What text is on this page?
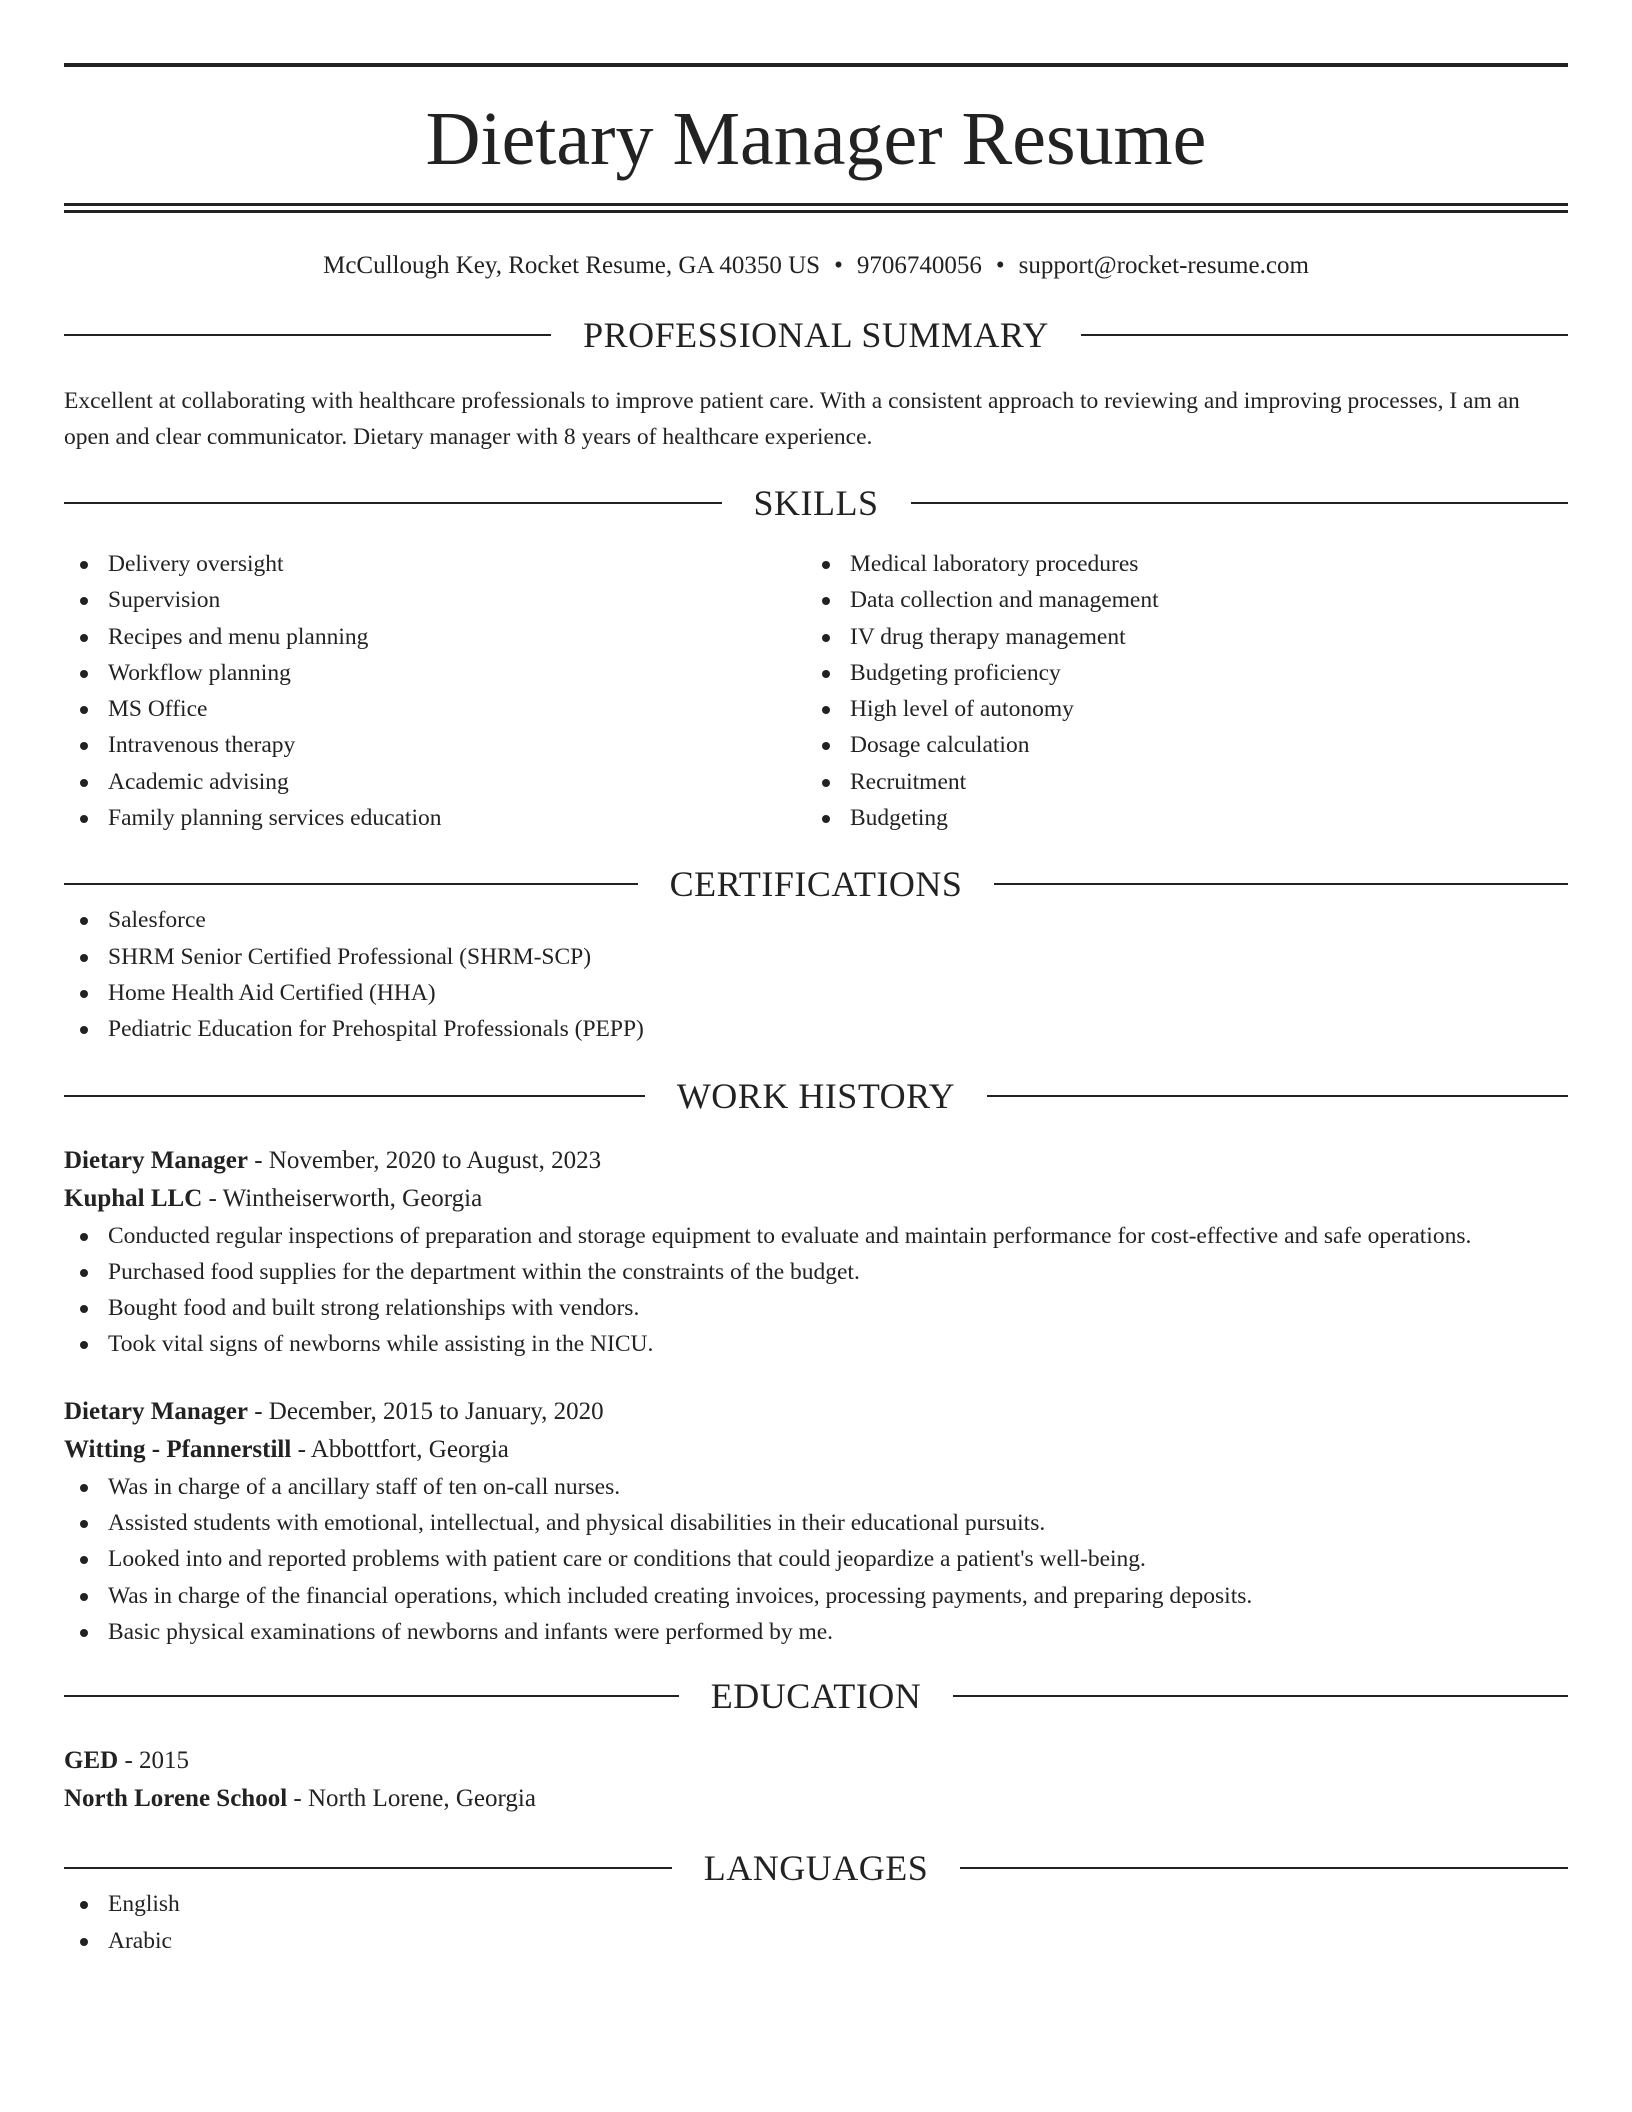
Dietary Manager Resume
McCullough Key, Rocket Resume, GA 40350 US • 9706740056 • support@rocket-resume.com
PROFESSIONAL SUMMARY
Excellent at collaborating with healthcare professionals to improve patient care. With a consistent approach to reviewing and improving processes, I am an open and clear communicator. Dietary manager with 8 years of healthcare experience.
SKILLS
Delivery oversight
Supervision
Recipes and menu planning
Workflow planning
MS Office
Intravenous therapy
Academic advising
Family planning services education
Medical laboratory procedures
Data collection and management
IV drug therapy management
Budgeting proficiency
High level of autonomy
Dosage calculation
Recruitment
Budgeting
CERTIFICATIONS
Salesforce
SHRM Senior Certified Professional (SHRM-SCP)
Home Health Aid Certified (HHA)
Pediatric Education for Prehospital Professionals (PEPP)
WORK HISTORY
Dietary Manager - November, 2020 to August, 2023
Kuphal LLC - Wintheiserworth, Georgia
Conducted regular inspections of preparation and storage equipment to evaluate and maintain performance for cost-effective and safe operations.
Purchased food supplies for the department within the constraints of the budget.
Bought food and built strong relationships with vendors.
Took vital signs of newborns while assisting in the NICU.
Dietary Manager - December, 2015 to January, 2020
Witting - Pfannerstill - Abbottfort, Georgia
Was in charge of a ancillary staff of ten on-call nurses.
Assisted students with emotional, intellectual, and physical disabilities in their educational pursuits.
Looked into and reported problems with patient care or conditions that could jeopardize a patient's well-being.
Was in charge of the financial operations, which included creating invoices, processing payments, and preparing deposits.
Basic physical examinations of newborns and infants were performed by me.
EDUCATION
GED - 2015
North Lorene School - North Lorene, Georgia
LANGUAGES
English
Arabic
